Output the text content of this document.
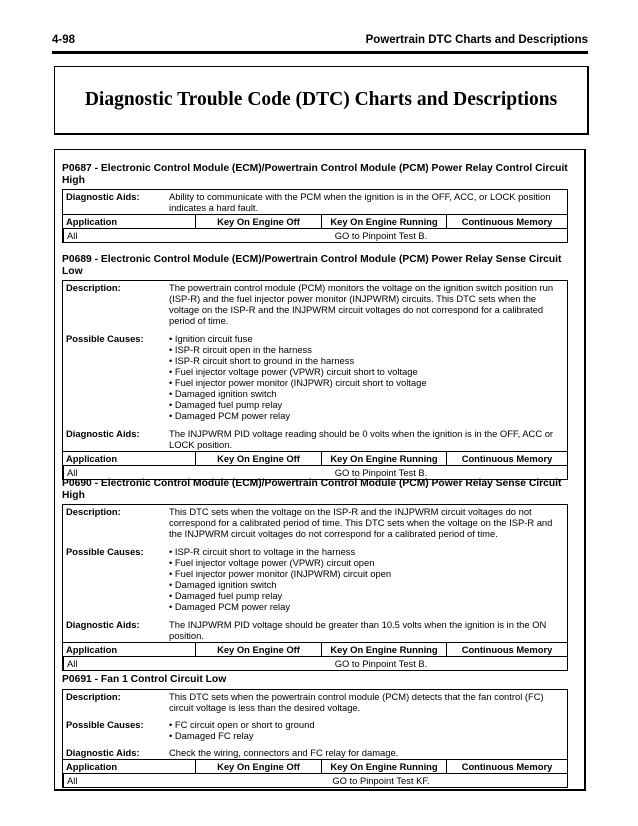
4-98	Powertrain DTC Charts and Descriptions
Diagnostic Trouble Code (DTC) Charts and Descriptions
P0687 - Electronic Control Module (ECM)/Powertrain Control Module (PCM) Power Relay Control Circuit High
Diagnostic Aids:	Ability to communicate with the PCM when the ignition is in the OFF, ACC, or LOCK position indicates a hard fault.
Application	Key On Engine Off	Key On Engine Running	Continuous Memory
All	GO to Pinpoint Test B.
P0689 - Electronic Control Module (ECM)/Powertrain Control Module (PCM) Power Relay Sense Circuit Low
Description:	The powertrain control module (PCM) monitors the voltage on the ignition switch position run (ISP-R) and the fuel injector power monitor (INJPWRM) circuits. This DTC sets when the voltage on the ISP-R and the INJPWRM circuit voltages do not correspond for a calibrated period of time.
Possible Causes:	• Ignition circuit fuse
• ISP-R circuit open in the harness
• ISP-R circuit short to ground in the harness
• Fuel injector voltage power (VPWR) circuit short to voltage
• Fuel injector power monitor (INJPWR) circuit short to voltage
• Damaged ignition switch
• Damaged fuel pump relay
• Damaged PCM power relay
Diagnostic Aids:	The INJPWRM PID voltage reading should be 0 volts when the ignition is in the OFF, ACC or LOCK position.
Application	Key On Engine Off	Key On Engine Running	Continuous Memory
All	GO to Pinpoint Test B.
P0690 - Electronic Control Module (ECM)/Powertrain Control Module (PCM) Power Relay Sense Circuit High
Description:	This DTC sets when the voltage on the ISP-R and the INJPWRM circuit voltages do not correspond for a calibrated period of time. This DTC sets when the voltage on the ISP-R and the INJPWRM circuit voltages do not correspond for a calibrated period of time.
Possible Causes:	• ISP-R circuit short to voltage in the harness
• Fuel injector voltage power (VPWR) circuit open
• Fuel injector power monitor (INJPWRM) circuit open
• Damaged ignition switch
• Damaged fuel pump relay
• Damaged PCM power relay
Diagnostic Aids:	The INJPWRM PID voltage should be greater than 10.5 volts when the ignition is in the ON position.
Application	Key On Engine Off	Key On Engine Running	Continuous Memory
All	GO to Pinpoint Test B.
P0691 - Fan 1 Control Circuit Low
Description:	This DTC sets when the powertrain control module (PCM) detects that the fan control (FC) circuit voltage is less than the desired voltage.
Possible Causes:	• FC circuit open or short to ground
• Damaged FC relay
Diagnostic Aids:	Check the wiring, connectors and FC relay for damage.
Application	Key On Engine Off	Key On Engine Running	Continuous Memory
All	GO to Pinpoint Test KF.
